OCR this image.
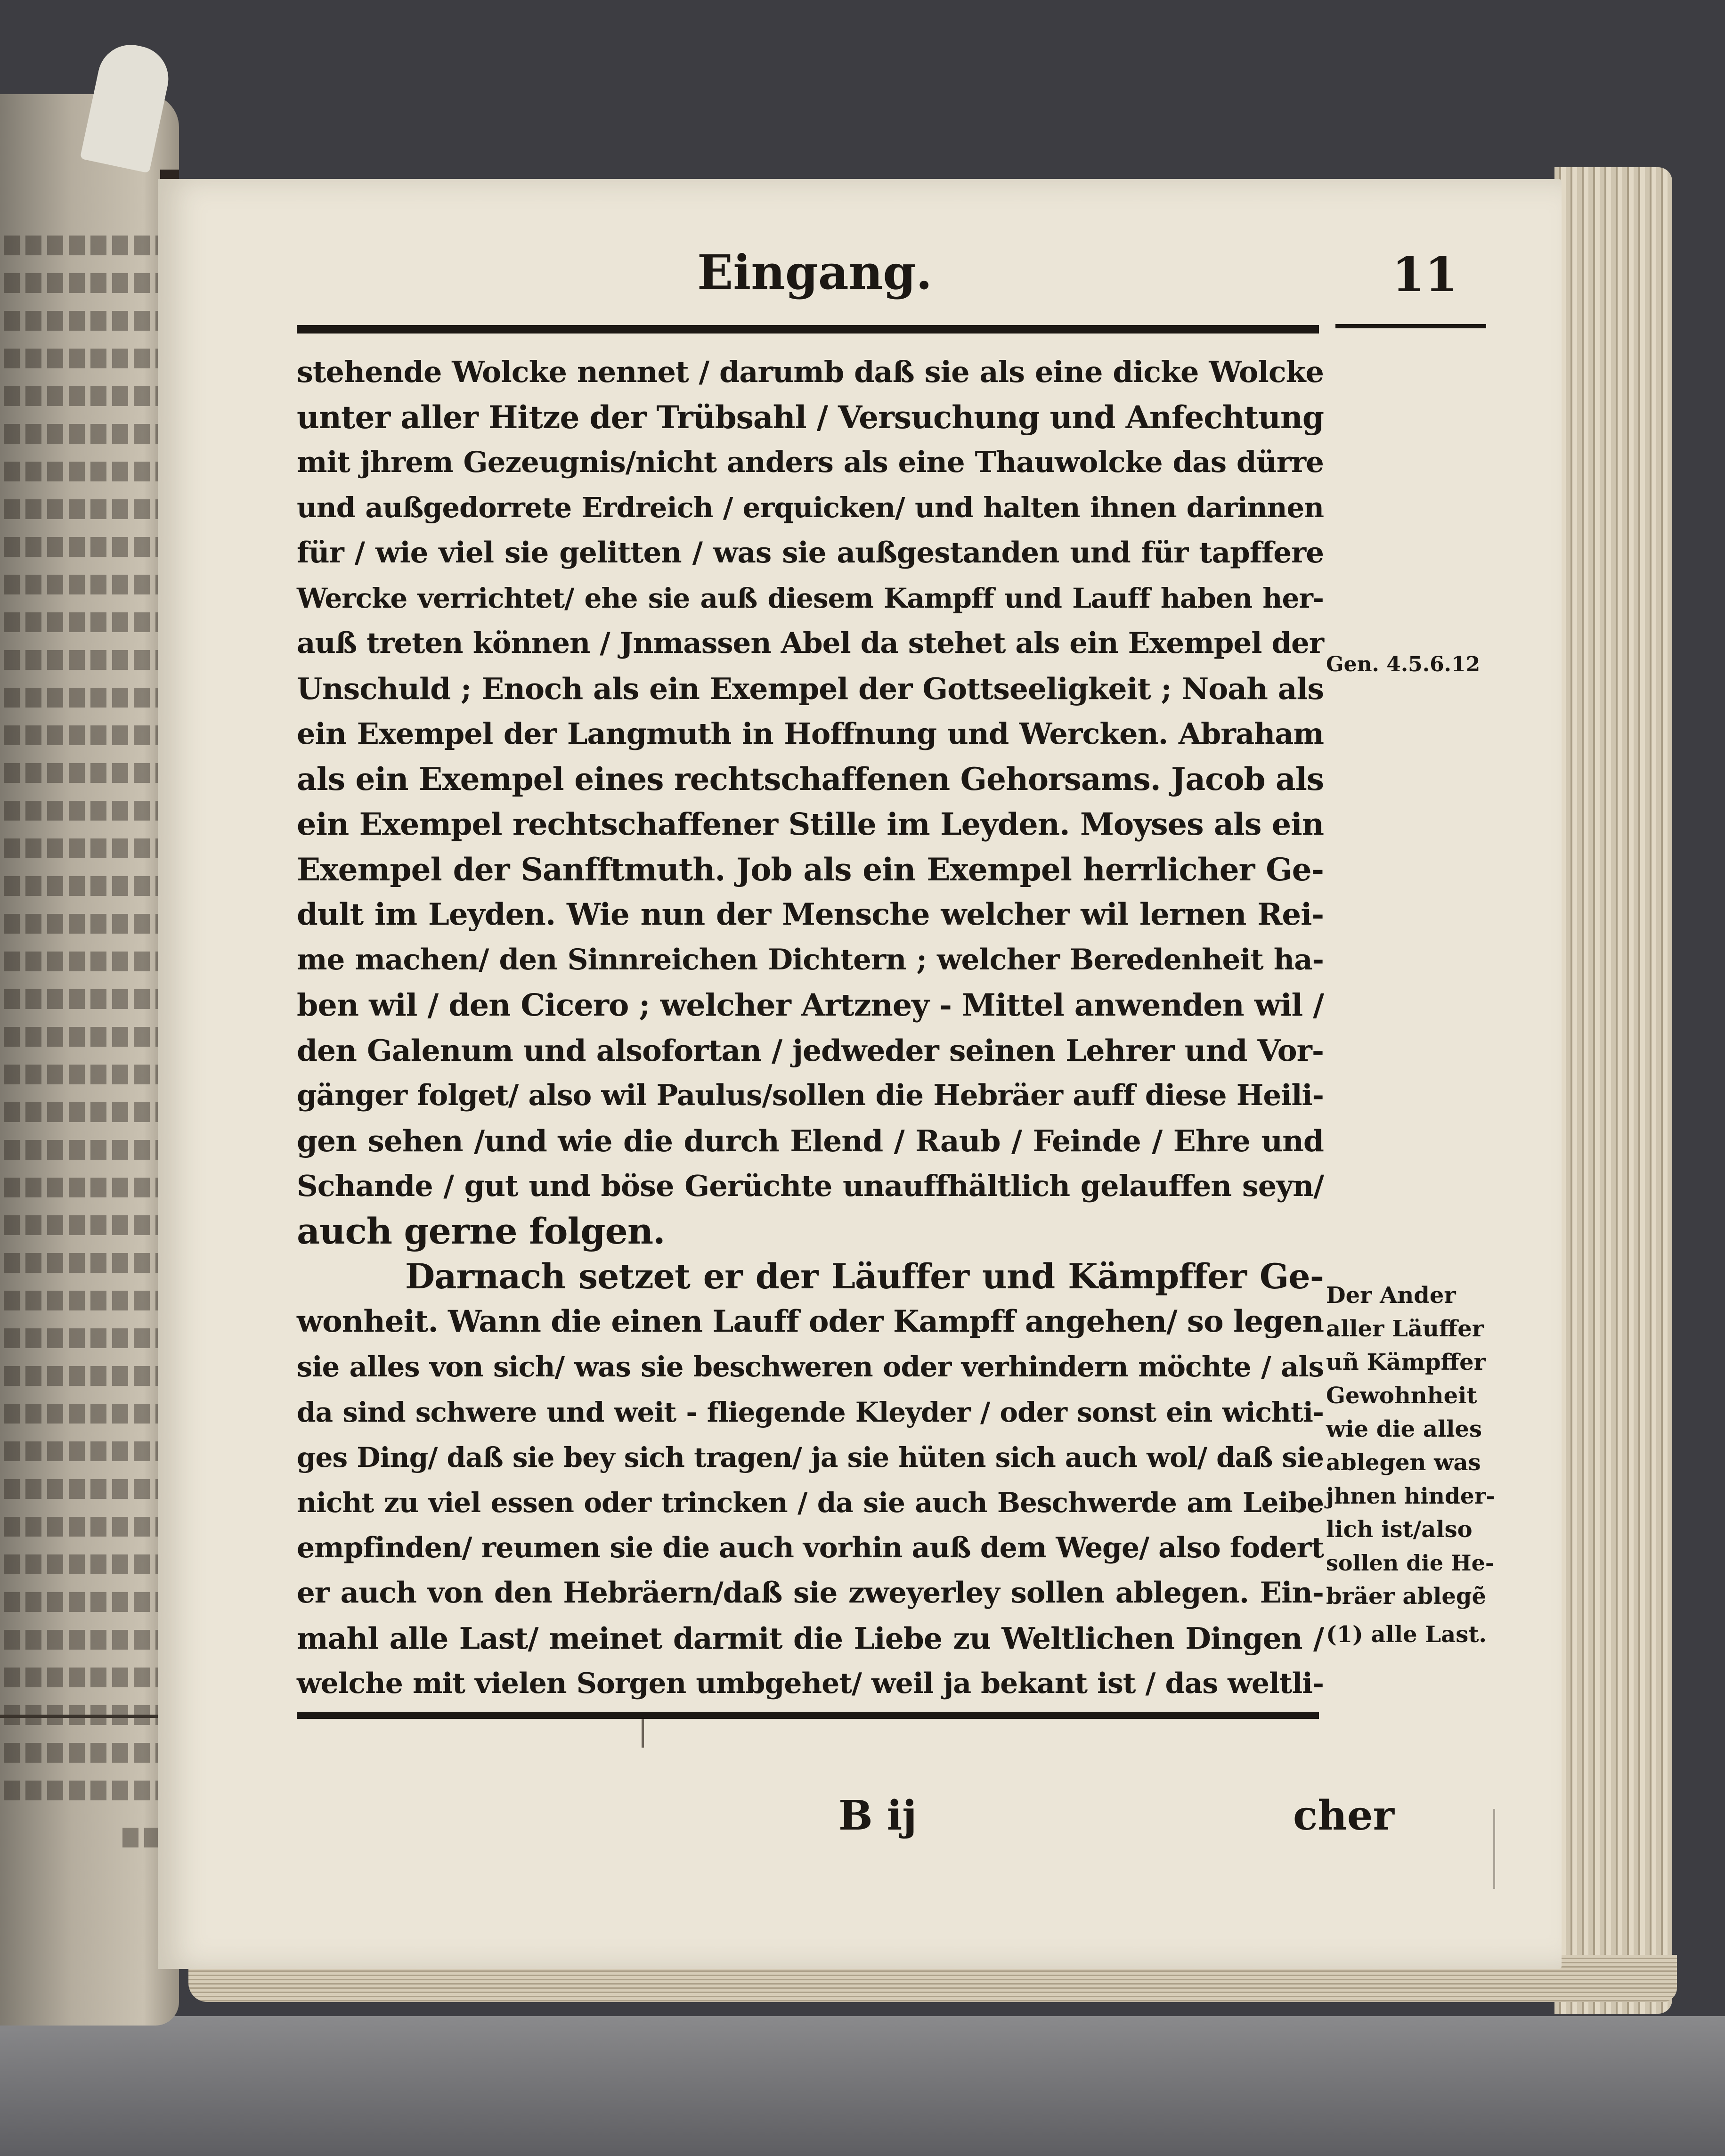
Eingang.	11
stehende Wolcke nennet / darumb daß sie als eine dicke Wolcke
unter aller Hitze der Trübsahl / Versuchung und Anfechtung
mit jhrem Gezeugnis/nicht anders als eine Thauwolcke das dürre
und außgedorrete Erdreich / erquicken/ und halten ihnen darinnen
für / wie viel sie gelitten / was sie außgestanden und für tapffere
Wercke verrichtet/ ehe sie auß diesem Kampff und Lauff haben her-
auß treten können / Jnmassen Abel da stehet als ein Exempel der
Unschuld ; Enoch als ein Exempel der Gottseeligkeit ; Noah als
ein Exempel der Langmuth in Hoffnung und Wercken. Abraham
als ein Exempel eines rechtschaffenen Gehorsams. Jacob als
ein Exempel rechtschaffener Stille im Leyden. Moyses als ein
Exempel der Sanfftmuth. Job als ein Exempel herrlicher Ge-
dult im Leyden. Wie nun der Mensche welcher wil lernen Rei-
me machen/ den Sinnreichen Dichtern ; welcher Beredenheit ha-
ben wil / den Cicero ; welcher Artzney - Mittel anwenden wil /
den Galenum und alsofortan / jedweder seinen Lehrer und Vor-
gänger folget/ also wil Paulus/sollen die Hebräer auff diese Heili-
gen sehen /und wie die durch Elend / Raub / Feinde / Ehre und
Schande / gut und böse Gerüchte unauffhältlich gelauffen seyn/
auch gerne folgen.
Darnach setzet er der Läuffer und Kämpffer Ge-
wonheit. Wann die einen Lauff oder Kampff angehen/ so legen
sie alles von sich/ was sie beschweren oder verhindern möchte / als
da sind schwere und weit - fliegende Kleyder / oder sonst ein wichti-
ges Ding/ daß sie bey sich tragen/ ja sie hüten sich auch wol/ daß sie
nicht zu viel essen oder trincken / da sie auch Beschwerde am Leibe
empfinden/ reumen sie die auch vorhin auß dem Wege/ also fodert
er auch von den Hebräern/daß sie zweyerley sollen ablegen. Ein-
mahl alle Last/ meinet darmit die Liebe zu Weltlichen Dingen /
welche mit vielen Sorgen umbgehet/ weil ja bekant ist / das weltli-
Gen. 4.5.6.12
Der Ander
aller Läuffer
uñ Kämpffer
Gewohnheit
wie die alles
ablegen was
jhnen hinder-
lich ist/also
sollen die He-
bräer ablegẽ
(1) alle Last.
B ij	cher
